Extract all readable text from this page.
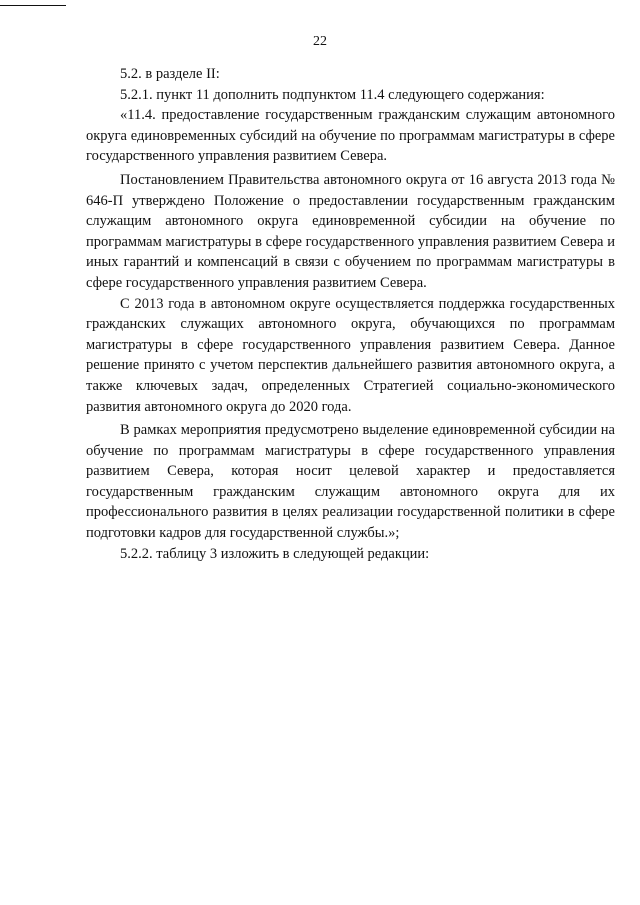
22

5.2. в разделе II:

5.2.1. пункт 11 дополнить подпунктом 11.4 следующего содержания:

«11.4. предоставление государственным гражданским служащим автономного округа единовременных субсидий на обучение по программам магистратуры в сфере государственного управления развитием Севера.

Постановлением Правительства автономного округа от 16 августа 2013 года № 646-П утверждено Положение о предоставлении государственным гражданским служащим автономного округа единовременной субсидии на обучение по программам магистратуры в сфере государственного управления развитием Севера и иных гарантий и компенсаций в связи с обучением по программам магистратуры в сфере государственного управления развитием Севера.

С 2013 года в автономном округе осуществляется поддержка государственных гражданских служащих автономного округа, обучающихся по программам магистратуры в сфере государственного управления развитием Севера. Данное решение принято с учетом перспектив дальнейшего развития автономного округа, а также ключевых задач, определенных Стратегией социально-экономического развития автономного округа до 2020 года.

В рамках мероприятия предусмотрено выделение единовременной субсидии на обучение по программам магистратуры в сфере государственного управления развитием Севера, которая носит целевой характер и предоставляется государственным гражданским служащим автономного округа для их профессионального развития в целях реализации государственной политики в сфере подготовки кадров для государственной службы.»;

5.2.2. таблицу 3 изложить в следующей редакции:
